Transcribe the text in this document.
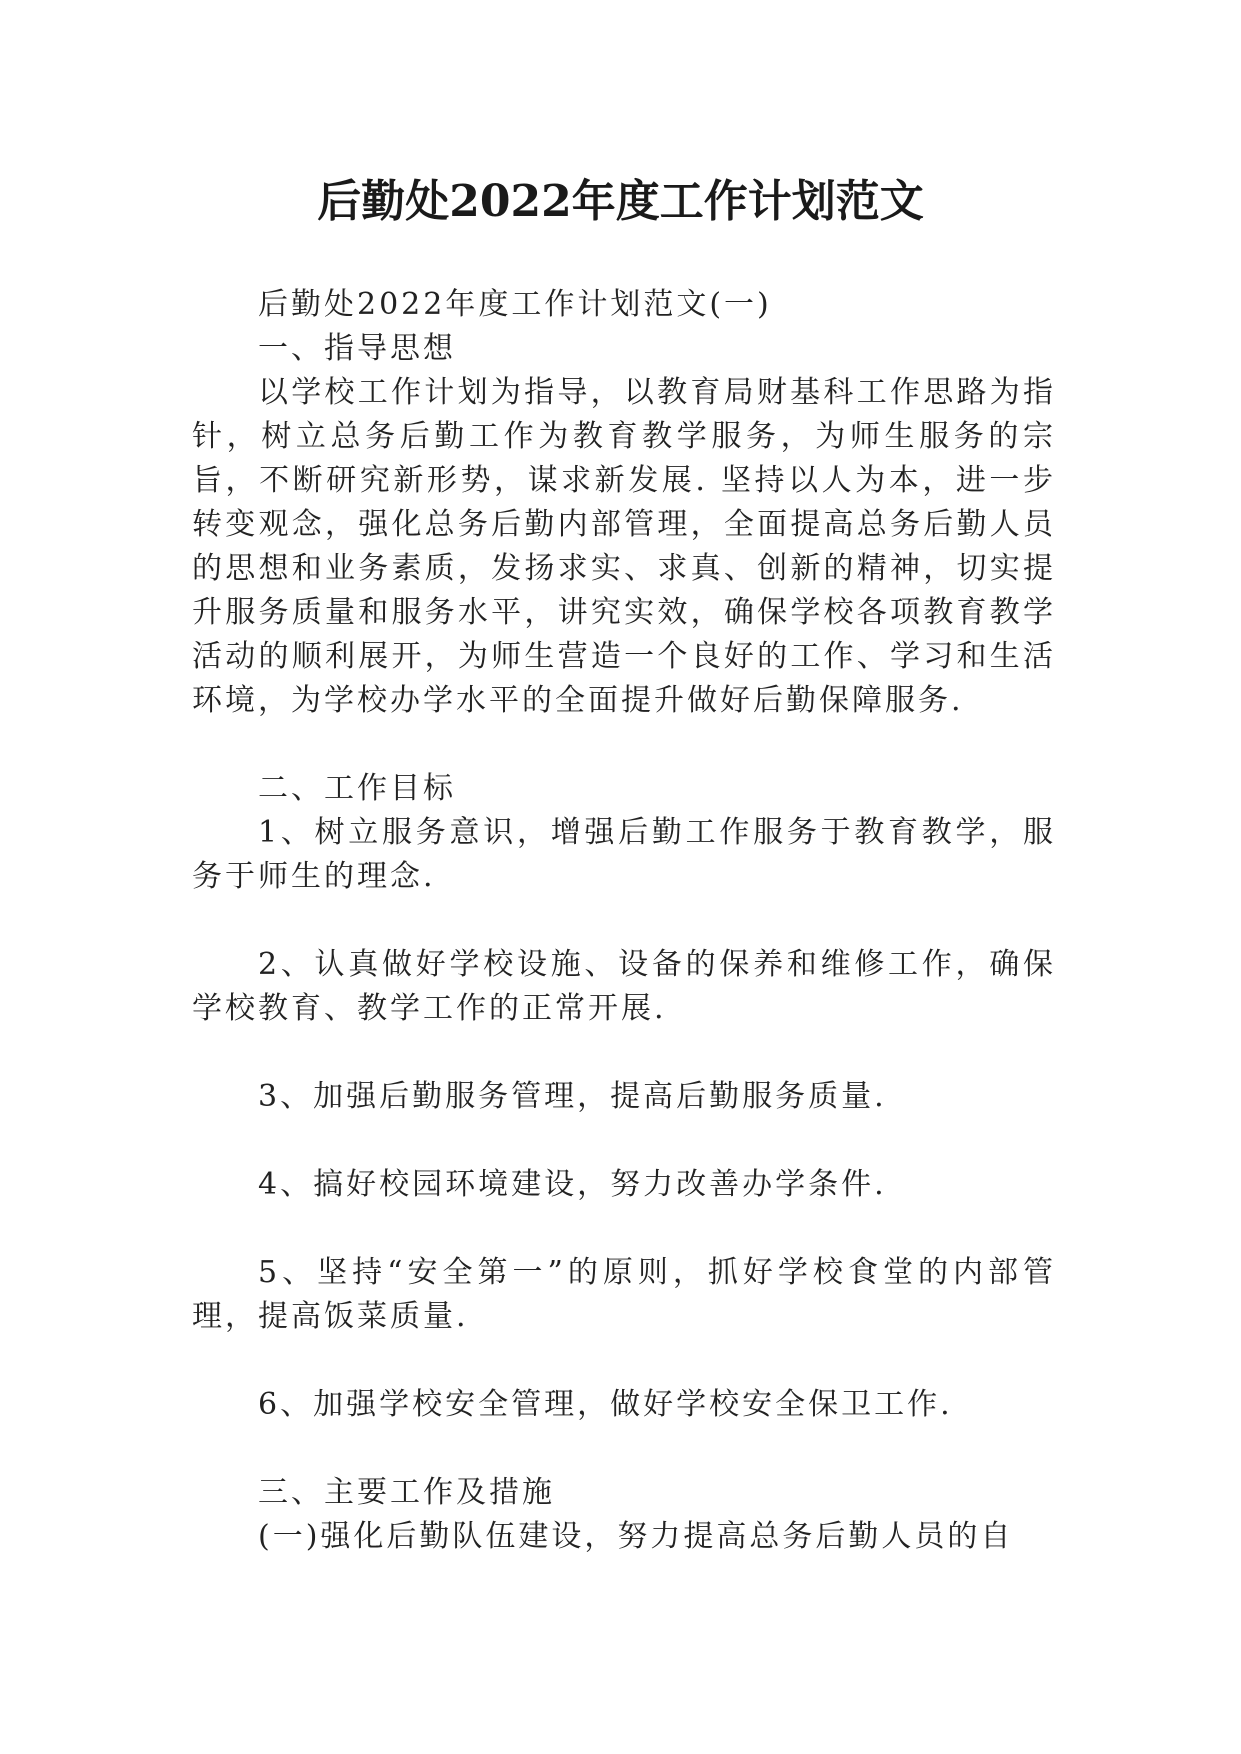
后勤处2022年度工作计划范文

后勤处2022年度工作计划范文(一)

一、指导思想

以学校工作计划为指导，以教育局财基科工作思路为指针，树立总务后勤工作为教育教学服务，为师生服务的宗旨，不断研究新形势，谋求新发展. 坚持以人为本，进一步转变观念，强化总务后勤内部管理，全面提高总务后勤人员的思想和业务素质，发扬求实、求真、创新的精神，切实提升服务质量和服务水平，讲究实效，确保学校各项教育教学活动的顺利展开，为师生营造一个良好的工作、学习和生活环境，为学校办学水平的全面提升做好后勤保障服务.

二、工作目标

1、树立服务意识，增强后勤工作服务于教育教学，服务于师生的理念.

2、认真做好学校设施、设备的保养和维修工作，确保学校教育、教学工作的正常开展.

3、加强后勤服务管理，提高后勤服务质量.

4、搞好校园环境建设，努力改善办学条件.

5、坚持“安全第一”的原则，抓好学校食堂的内部管理，提高饭菜质量.

6、加强学校安全管理，做好学校安全保卫工作.

三、主要工作及措施

(一)强化后勤队伍建设，努力提高总务后勤人员的自
